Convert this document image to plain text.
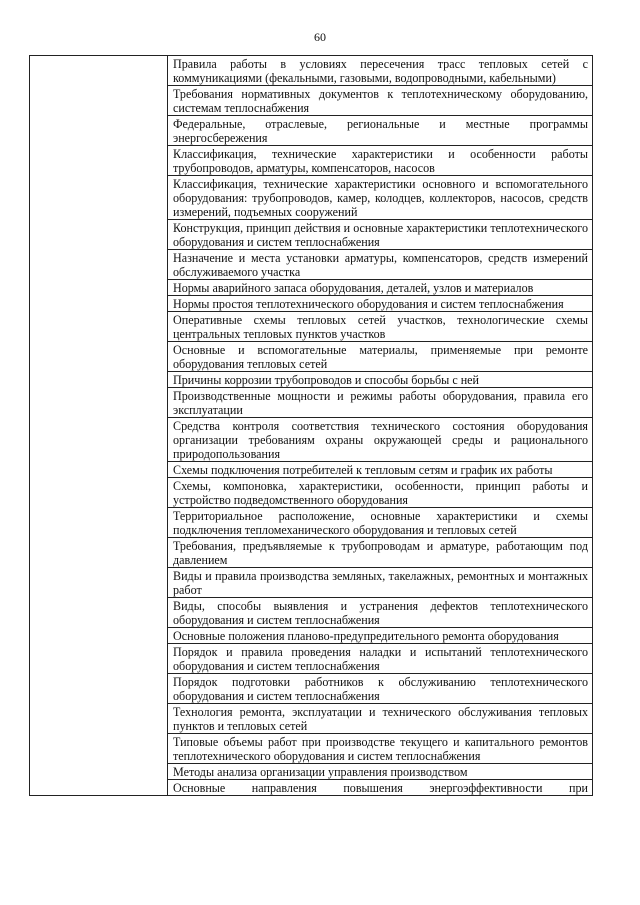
60
	Правила работы в условиях пересечения трасс тепловых сетей с коммуникациями (фекальными, газовыми, водопроводными, кабельными)
Требования нормативных документов к теплотехническому оборудованию, системам теплоснабжения
Федеральные, отраслевые, региональные и местные программы энергосбережения
Классификация, технические характеристики и особенности работы трубопроводов, арматуры, компенсаторов, насосов
Классификация, технические характеристики основного и вспомогательного оборудования: трубопроводов, камер, колодцев, коллекторов, насосов, средств измерений, подъемных сооружений
Конструкция, принцип действия и основные характеристики теплотехнического оборудования и систем теплоснабжения
Назначение и места установки арматуры, компенсаторов, средств измерений обслуживаемого участка
Нормы аварийного запаса оборудования, деталей, узлов и материалов
Нормы простоя теплотехнического оборудования и систем теплоснабжения
Оперативные схемы тепловых сетей участков, технологические схемы центральных тепловых пунктов участков
Основные и вспомогательные материалы, применяемые при ремонте оборудования тепловых сетей
Причины коррозии трубопроводов и способы борьбы с ней
Производственные мощности и режимы работы оборудования, правила его эксплуатации
Средства контроля соответствия технического состояния оборудования организации требованиям охраны окружающей среды и рационального природопользования
Схемы подключения потребителей к тепловым сетям и график их работы
Схемы, компоновка, характеристики, особенности, принцип работы и устройство подведомственного оборудования
Территориальное расположение, основные характеристики и схемы подключения тепломеханического оборудования и тепловых сетей
Требования, предъявляемые к трубопроводам и арматуре, работающим под давлением
Виды и правила производства земляных, такелажных, ремонтных и монтажных работ
Виды, способы выявления и устранения дефектов теплотехнического оборудования и систем теплоснабжения
Основные положения планово-предупредительного ремонта оборудования
Порядок и правила проведения наладки и испытаний теплотехнического оборудования и систем теплоснабжения
Порядок подготовки работников к обслуживанию теплотехнического оборудования и систем теплоснабжения
Технология ремонта, эксплуатации и технического обслуживания тепловых пунктов и тепловых сетей
Типовые объемы работ при производстве текущего и капитального ремонтов теплотехнического оборудования и систем теплоснабжения
Методы анализа организации управления производством
Основные направления повышения энергоэффективности при
